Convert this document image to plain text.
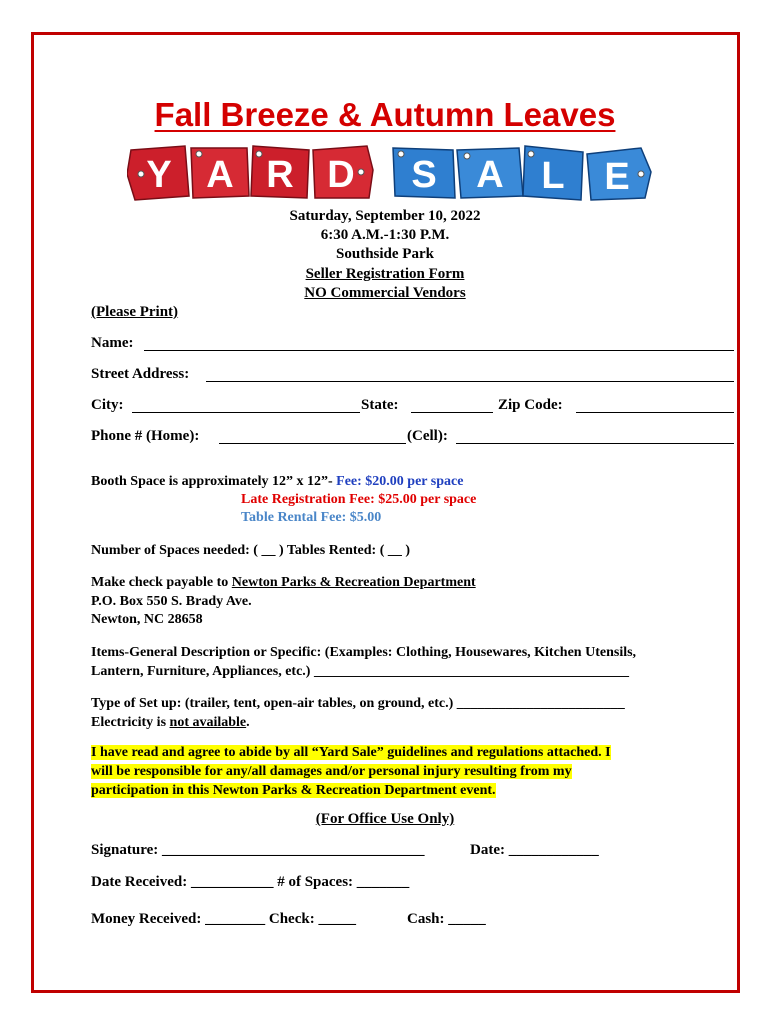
Fall Breeze & Autumn Leaves
Y A R D S A L E
Saturday, September 10, 2022
6:30 A.M.-1:30 P.M.
Southside Park
Seller Registration Form
NO Commercial Vendors
(Please Print)
Name:
Street Address:
City:	State:	Zip Code:
Phone # (Home):	(Cell):
Booth Space is approximately 12” x 12”- Fee: $20.00 per space
Late Registration Fee: $25.00 per space
Table Rental Fee: $5.00
Number of Spaces needed: ( __ ) Tables Rented: ( __ )
Make check payable to Newton Parks & Recreation Department
P.O. Box 550 S. Brady Ave.
Newton, NC 28658
Items-General Description or Specific: (Examples: Clothing, Housewares, Kitchen Utensils,
Lantern, Furniture, Appliances, etc.) _____________________________________________
Type of Set up: (trailer, tent, open-air tables, on ground, etc.) ________________________
Electricity is not available.
I have read and agree to abide by all “Yard Sale” guidelines and regulations attached. I
will be responsible for any/all damages and/or personal injury resulting from my
participation in this Newton Parks & Recreation Department event.
(For Office Use Only)
Signature: ___________________________________	Date: ____________
Date Received: ___________ # of Spaces: _______
Money Received: ________ Check: _____	Cash: _____
